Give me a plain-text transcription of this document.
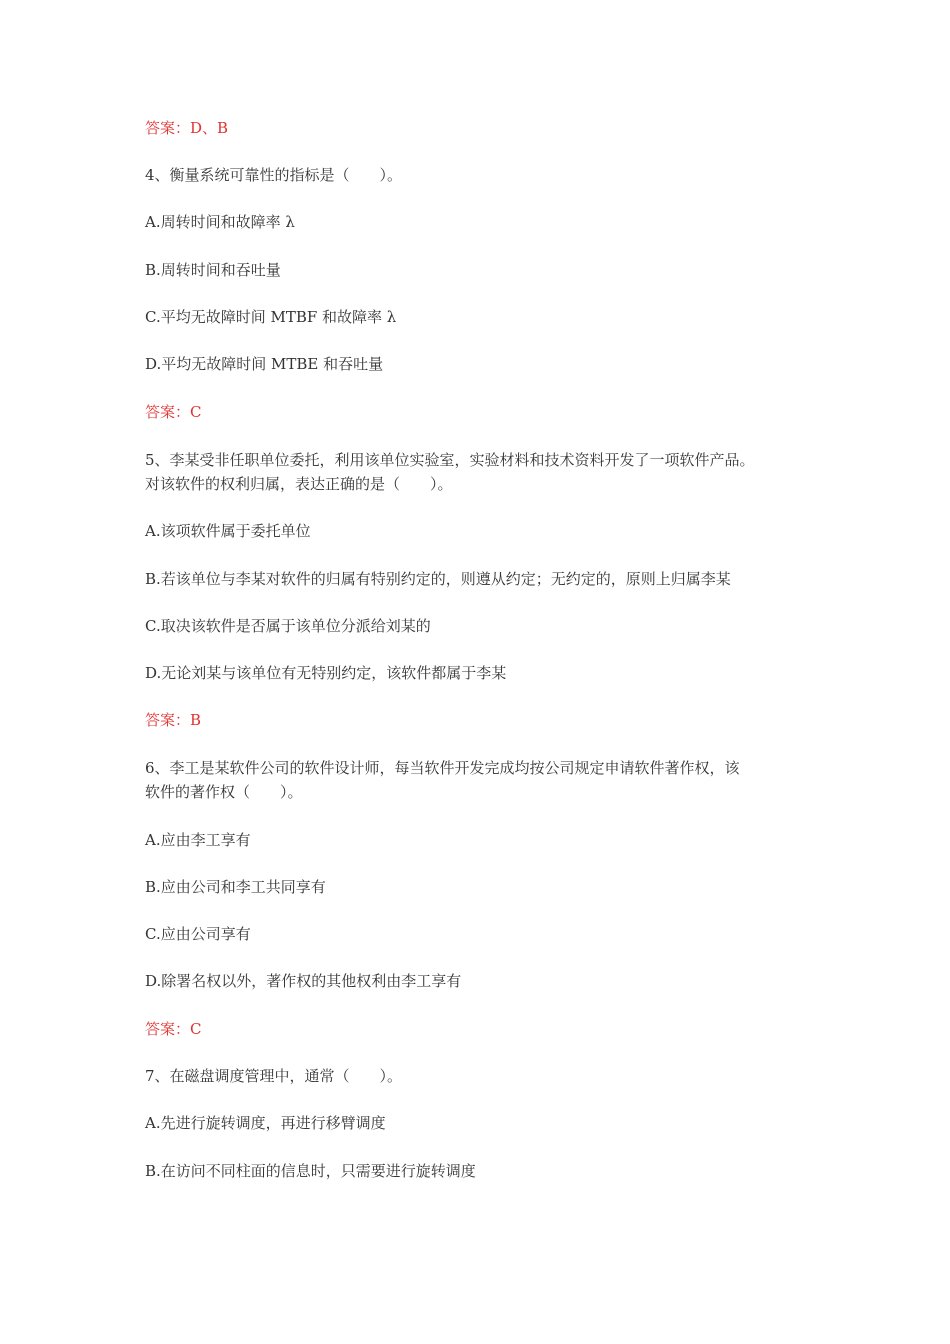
答案：D、B
4、衡量系统可靠性的指标是（　　）。
A.周转时间和故障率 λ
B.周转时间和吞吐量
C.平均无故障时间 MTBF 和故障率 λ
D.平均无故障时间 MTBE 和吞吐量
答案：C
5、李某受非任职单位委托，利用该单位实验室，实验材料和技术资料开发了一项软件产品。
对该软件的权利归属，表达正确的是（　　）。
A.该项软件属于委托单位
B.若该单位与李某对软件的归属有特别约定的，则遵从约定；无约定的，原则上归属李某
C.取决该软件是否属于该单位分派给刘某的
D.无论刘某与该单位有无特别约定，该软件都属于李某
答案：B
6、李工是某软件公司的软件设计师，每当软件开发完成均按公司规定申请软件著作权，该
软件的著作权（　　）。
A.应由李工享有
B.应由公司和李工共同享有
C.应由公司享有
D.除署名权以外，著作权的其他权利由李工享有
答案：C
7、在磁盘调度管理中，通常（　　）。
A.先进行旋转调度，再进行移臂调度
B.在访问不同柱面的信息时，只需要进行旋转调度
